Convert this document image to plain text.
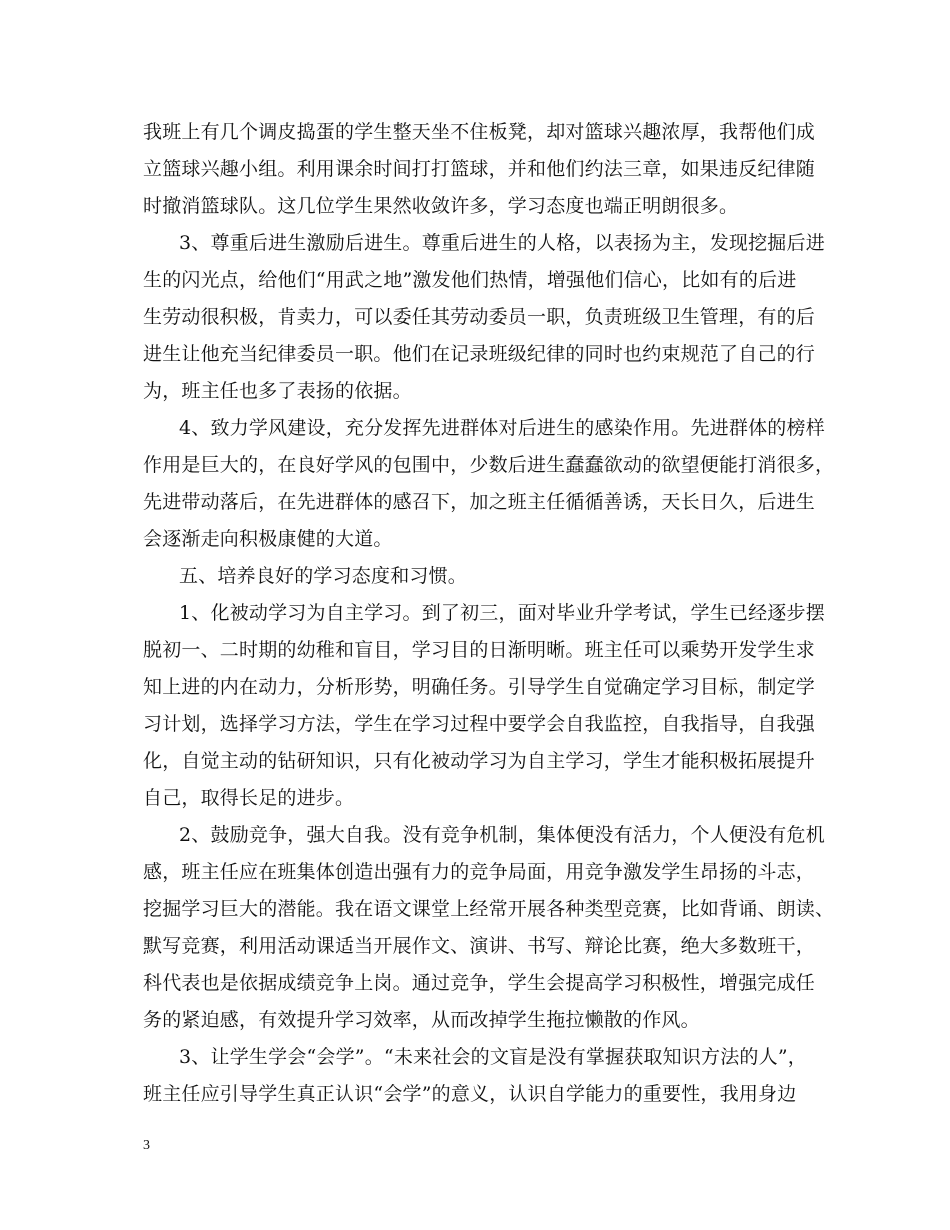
我班上有几个调皮捣蛋的学生整天坐不住板凳，却对篮球兴趣浓厚，我帮他们成
立篮球兴趣小组。利用课余时间打打篮球，并和他们约法三章，如果违反纪律随
时撤消篮球队。这几位学生果然收敛许多，学习态度也端正明朗很多。
3、尊重后进生激励后进生。尊重后进生的人格，以表扬为主，发现挖掘后进
生的闪光点，给他们“用武之地”激发他们热情，增强他们信心，比如有的后进
生劳动很积极，肯卖力，可以委任其劳动委员一职，负责班级卫生管理，有的后
进生让他充当纪律委员一职。他们在记录班级纪律的同时也约束规范了自己的行
为，班主任也多了表扬的依据。
4、致力学风建设，充分发挥先进群体对后进生的感染作用。先进群体的榜样
作用是巨大的，在良好学风的包围中，少数后进生蠢蠢欲动的欲望便能打消很多，
先进带动落后，在先进群体的感召下，加之班主任循循善诱，天长日久，后进生
会逐渐走向积极康健的大道。
五、培养良好的学习态度和习惯。
1、化被动学习为自主学习。到了初三，面对毕业升学考试，学生已经逐步摆
脱初一、二时期的幼稚和盲目，学习目的日渐明晰。班主任可以乘势开发学生求
知上进的内在动力，分析形势，明确任务。引导学生自觉确定学习目标，制定学
习计划，选择学习方法，学生在学习过程中要学会自我监控，自我指导，自我强
化，自觉主动的钻研知识，只有化被动学习为自主学习，学生才能积极拓展提升
自己，取得长足的进步。
2、鼓励竞争，强大自我。没有竞争机制，集体便没有活力，个人便没有危机
感，班主任应在班集体创造出强有力的竞争局面，用竞争激发学生昂扬的斗志，
挖掘学习巨大的潜能。我在语文课堂上经常开展各种类型竞赛，比如背诵、朗读、
默写竞赛，利用活动课适当开展作文、演讲、书写、辩论比赛，绝大多数班干，
科代表也是依据成绩竞争上岗。通过竞争，学生会提高学习积极性，增强完成任
务的紧迫感，有效提升学习效率，从而改掉学生拖拉懒散的作风。
3、让学生学会“会学”。“未来社会的文盲是没有掌握获取知识方法的人”，
班主任应引导学生真正认识“会学”的意义，认识自学能力的重要性，我用身边
3
